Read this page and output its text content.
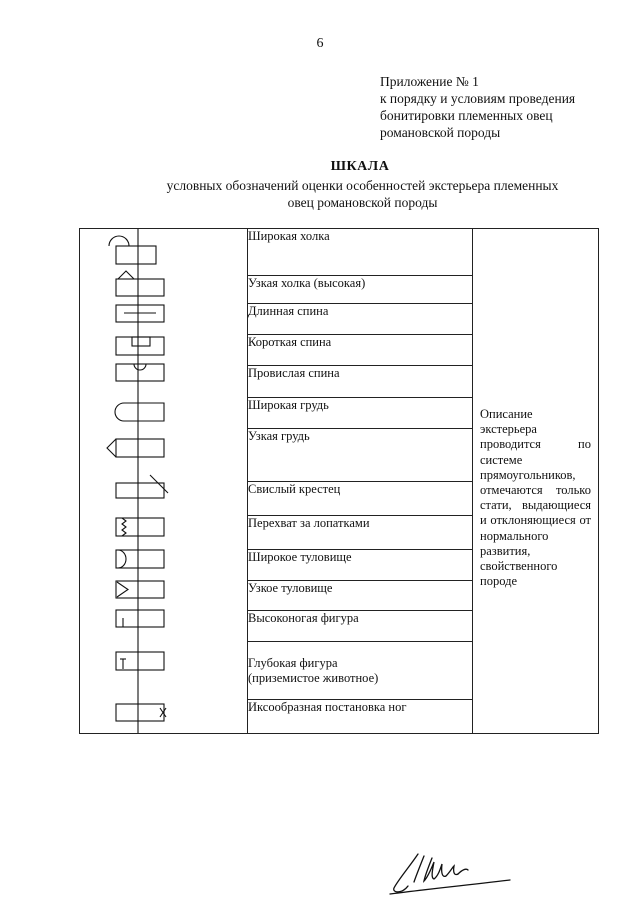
6
Приложение № 1
к порядку и условиям проведения
бонитировки племенных овец
романовской породы
ШКАЛА
условных обозначений оценки особенностей экстерьера племенных
овец романовской породы
	Широкая холка	
Описание экстерьера проводится по системе прямоугольников, отмечаются только стати, выдающиеся и отклоняющиеся от нормального развития, свойственного породе

Узкая холка (высокая)
Длинная спина
Короткая спина
Провислая спина
Широкая грудь
Узкая грудь
Свислый крестец
Перехват за лопатками
Широкое туловище
Узкое туловище
Высоконогая фигура

Глубокая фигура
(приземистое животное)

Иксообразная постановка ног
